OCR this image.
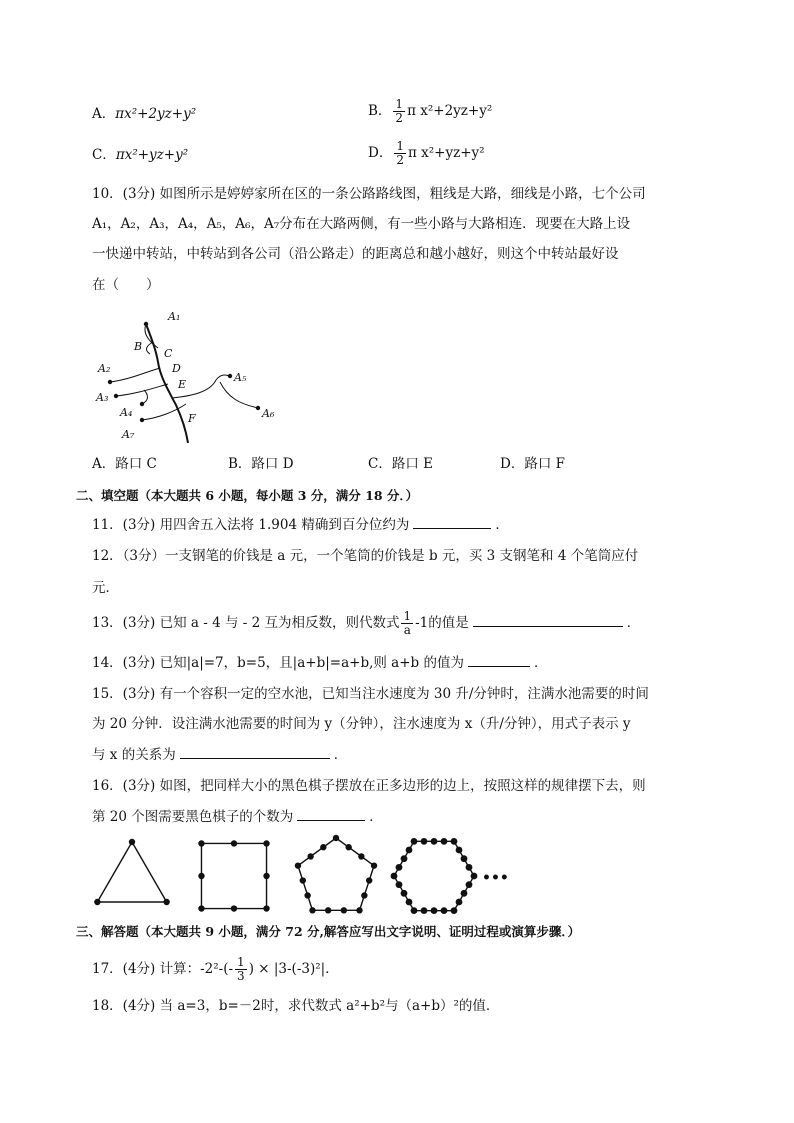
A．πx²+2yz+y²	B． $\frac{1}{2}$ π x²+2yz+y²
C．πx²+yz+y²	D． $\frac{1}{2}$ π x²+yz+y²
10．(3分) 如图所示是婷婷家所在区的一条公路路线图，粗线是大路，细线是小路，七个公司
A₁，A₂，A₃，A₄，A₅，A₆，A₇分布在大路两侧，有一些小路与大路相连．现要在大路上设
一快递中转站，中转站到各公司（沿公路走）的距离总和越小越好，则这个中转站最好设
在（　　）
A₁
B
C
A₂	D
E
A₃
A₅
A₄	F	A₆
A₇
A．路口 C	B．路口 D	C．路口 E	D．路口 F
二、填空题（本大题共 6 小题，每小题 3 分，满分 18 分．）
11．(3分) 用四舍五入法将 1.904 精确到百分位约为	．
12．（3分）一支钢笔的价钱是 a 元，一个笔筒的价钱是 b 元，买 3 支钢笔和 4 个笔筒应付
元．
13．(3分) 已知 a - 4 与 - 2 互为相反数，则代数式 $\frac{1}{a} -1$的值是	．
14．(3分) 已知|a|=7，b=5，且|a+b|=a+b,则 a+b 的值为	．
15．(3分) 有一个容积一定的空水池，已知当注水速度为 30 升/分钟时，注满水池需要的时间
为 20 分钟．设注满水池需要的时间为 y（分钟），注水速度为 x（升/分钟），用式子表示 y
与 x 的关系为	．
16．(3分) 如图，把同样大小的黑色棋子摆放在正多边形的边上，按照这样的规律摆下去，则
第 20 个图需要黑色棋子的个数为	．
•••
三、解答题（本大题共 9 小题，满分 72 分,解答应写出文字说明、证明过程或演算步骤．）
17．(4分) 计算：$-2^2-(- \frac{1}{3}$ ) × |3-(-3)²|．
18．(4分) 当 a=3，b=－2时，求代数式 a²+b²与（a+b）²的值．
